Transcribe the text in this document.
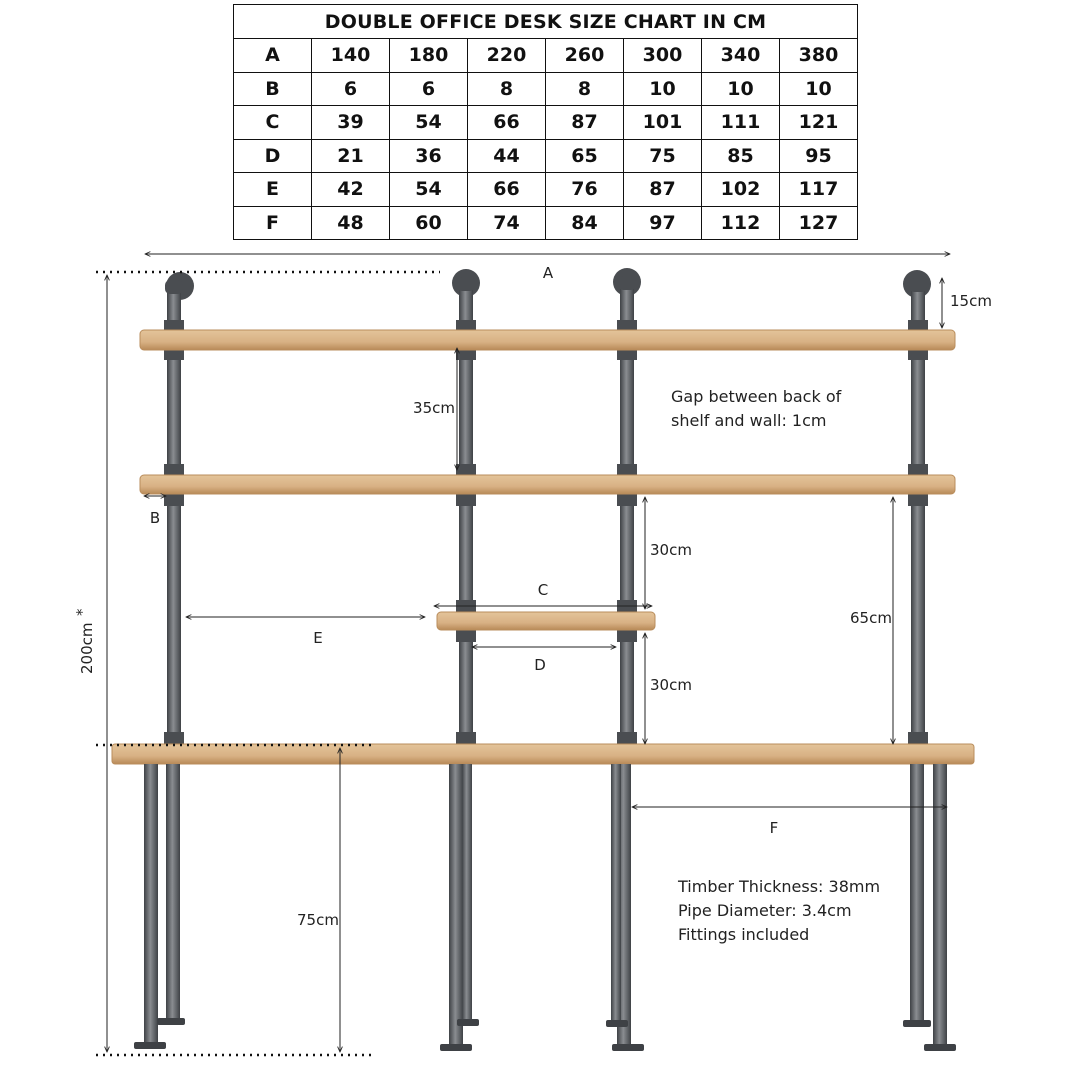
DOUBLE OFFICE DESK SIZE CHART IN CM							
A	140	180	220	260	300	340	380
B	6	6	8	8	10	10	10
C	39	54	66	87	101	111	121
D	21	36	44	65	75	85	95
E	42	54	66	76	87	102	117
F	48	60	74	84	97	112	127
A
15cm
35cm
B
30cm
C
E
D
30cm
65cm
F
75cm
200cm
*
Gap between back of
shelf and wall: 1cm
Timber Thickness: 38mm
Pipe Diameter: 3.4cm
Fittings included
